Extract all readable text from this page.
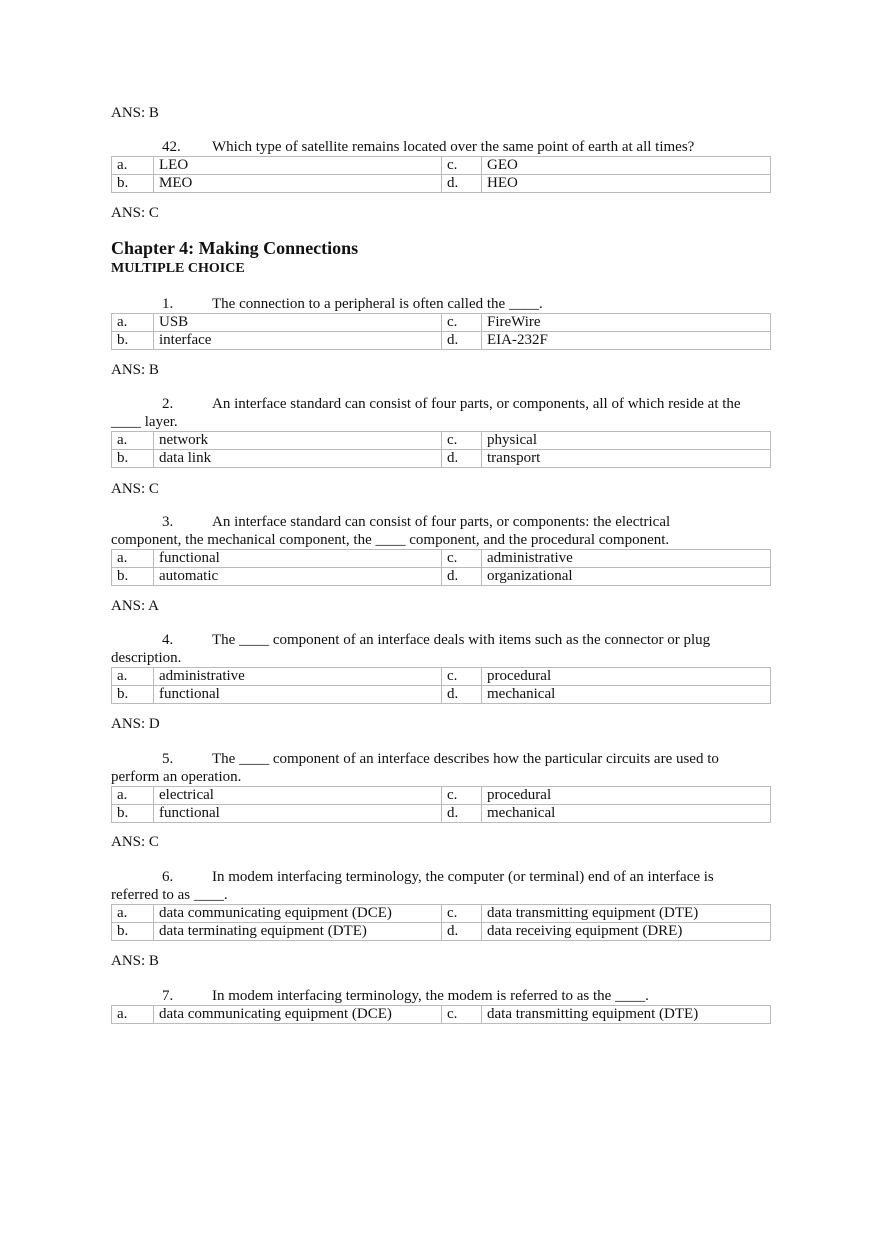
ANS: B
Chapter 4: Making Connections
MULTIPLE CHOICE
42. Which type of satellite remains located over the same point of earth at all times?
a.	LEO	c.	GEO
b.	MEO	d.	HEO
ANS: C
1.	The connection to a peripheral is often called the ____.
a.	USB	c.	FireWire
b.	interface	d.	EIA-232F
ANS: B
2.	An interface standard can consist of four parts, or components, all of which reside at the ____ layer.
a.	network	c.	physical
b.	data link	d.	transport
ANS: C
3.	An interface standard can consist of four parts, or components: the electrical component, the mechanical component, the ____ component, and the procedural component.
a.	functional	c.	administrative
b.	automatic	d.	organizational
ANS: A
4.	The ____ component of an interface deals with items such as the connector or plug description.
a.	administrative	c.	procedural
b.	functional	d.	mechanical
ANS: D
5.	The ____ component of an interface describes how the particular circuits are used to perform an operation.
a.	electrical	c.	procedural
b.	functional	d.	mechanical
ANS: C
6.	In modem interfacing terminology, the computer (or terminal) end of an interface is referred to as ____.
a.	data communicating equipment (DCE)	c.	data transmitting equipment (DTE)
b.	data terminating equipment (DTE)	d.	data receiving equipment (DRE)
ANS: B
7.	In modem interfacing terminology, the modem is referred to as the ____.
a.	data communicating equipment (DCE)	c.	data transmitting equipment (DTE)
